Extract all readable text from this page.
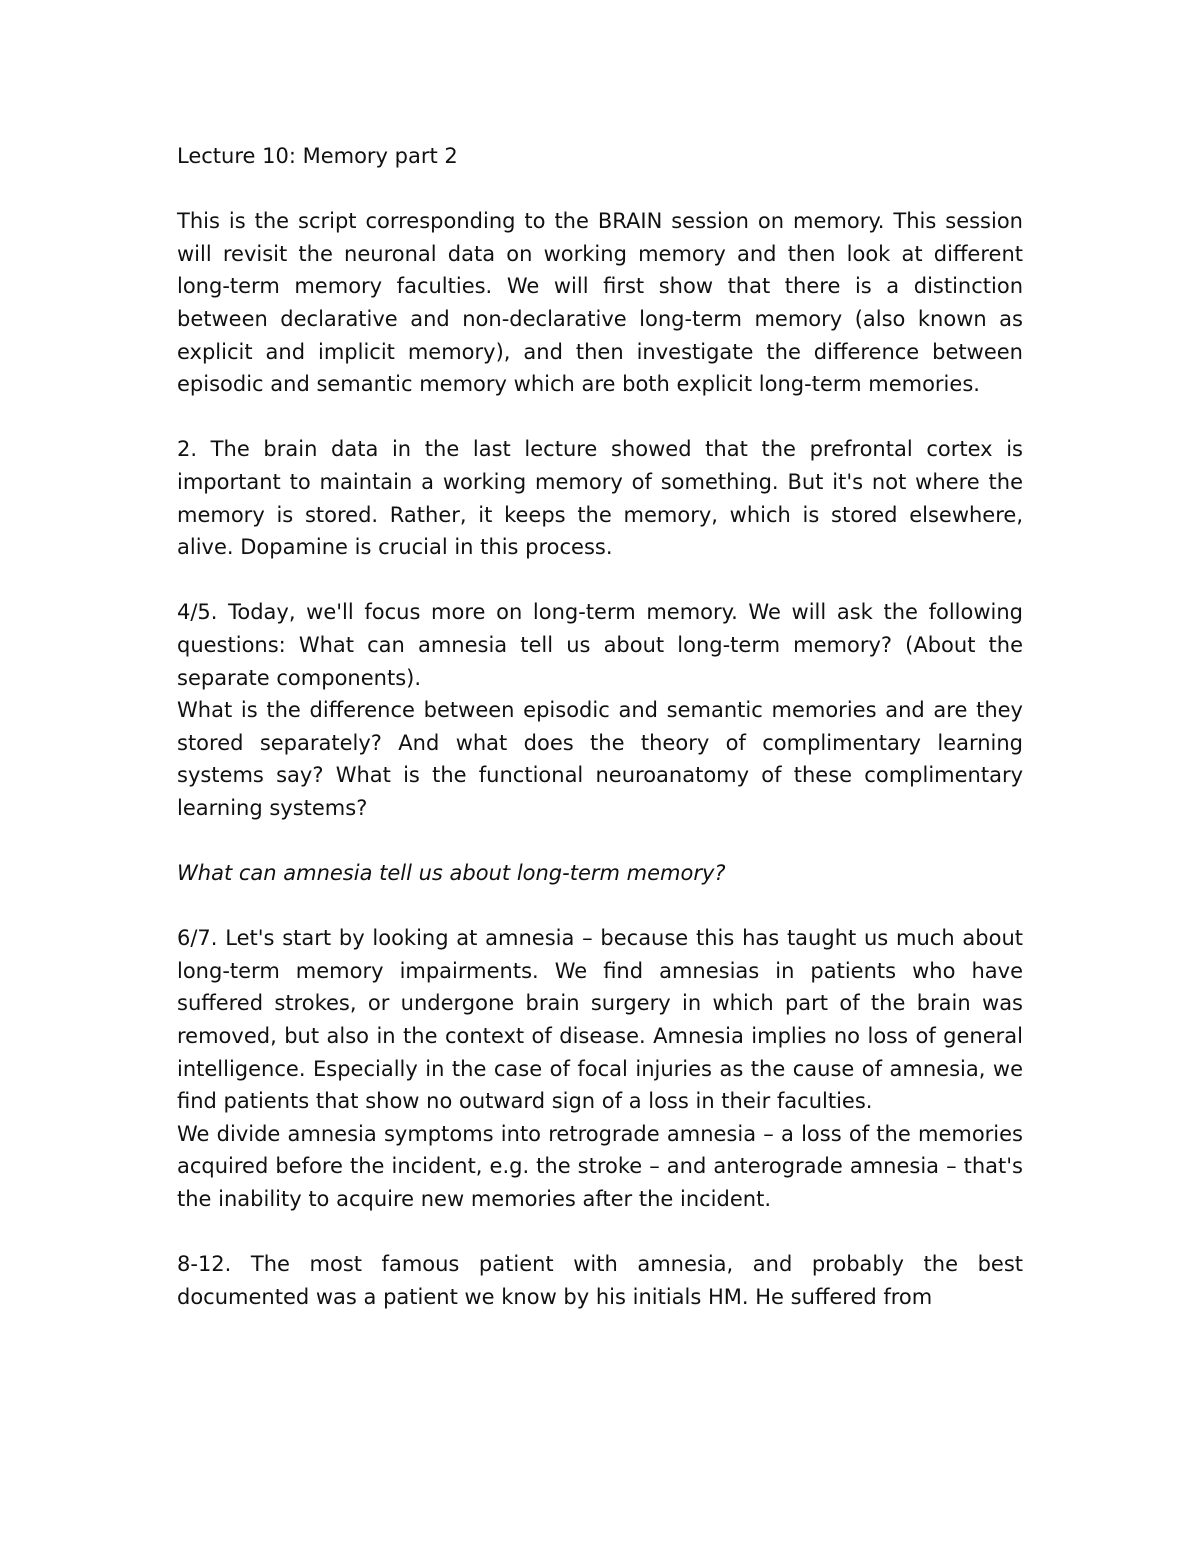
Lecture 10: Memory part 2

This is the script corresponding to the BRAIN session on memory. This session will revisit the neuronal data on working memory and then look at different long-term memory faculties. We will first show that there is a distinction between declarative and non-declarative long-term memory (also known as explicit and implicit memory), and then investigate the difference between episodic and semantic memory which are both explicit long-term memories.

2. The brain data in the last lecture showed that the prefrontal cortex is important to maintain a working memory of something. But it's not where the memory is stored. Rather, it keeps the memory, which is stored elsewhere, alive. Dopamine is crucial in this process.

4/5. Today, we'll focus more on long-term memory. We will ask the following questions: What can amnesia tell us about long-term memory? (About the separate components).

What is the difference between episodic and semantic memories and are they stored separately? And what does the theory of complimentary learning systems say? What is the functional neuroanatomy of these complimentary learning systems?

What can amnesia tell us about long-term memory?

6/7. Let's start by looking at amnesia – because this has taught us much about long-term memory impairments. We find amnesias in patients who have suffered strokes, or undergone brain surgery in which part of the brain was removed, but also in the context of disease. Amnesia implies no loss of general intelligence. Especially in the case of focal injuries as the cause of amnesia, we find patients that show no outward sign of a loss in their faculties.

We divide amnesia symptoms into retrograde amnesia – a loss of the memories acquired before the incident, e.g. the stroke – and anterograde amnesia – that's the inability to acquire new memories after the incident.

8-12. The most famous patient with amnesia, and probably the best documented was a patient we know by his initials HM. He suffered from
